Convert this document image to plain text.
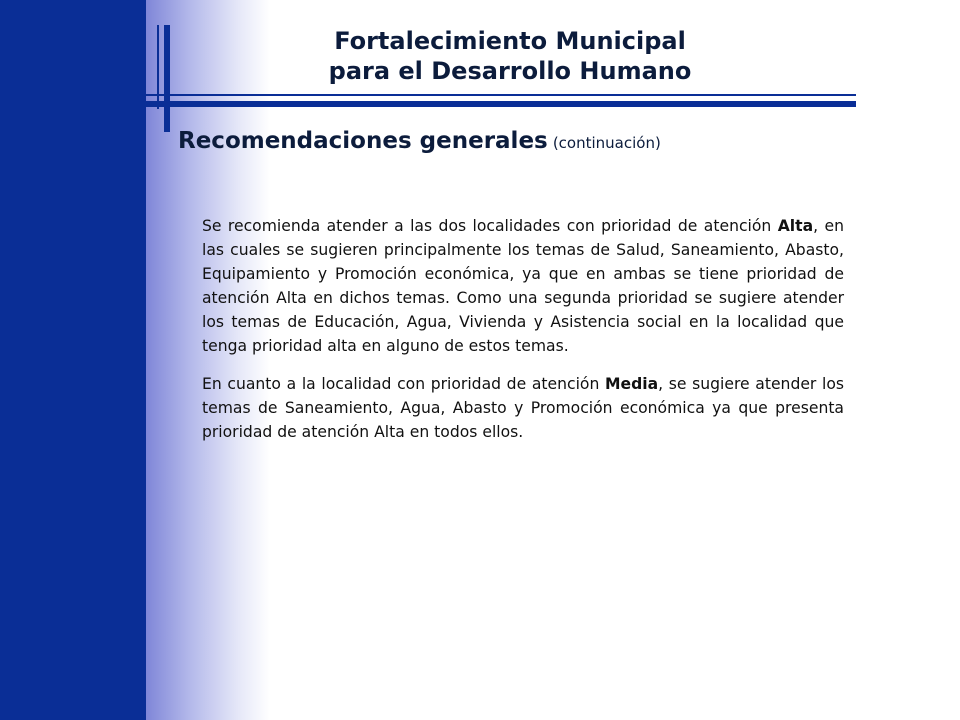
Fortalecimiento Municipal
para el Desarrollo Humano
Recomendaciones generales (continuación)

Se recomienda atender a las dos localidades con prioridad de atención Alta, en las cuales se sugieren principalmente los temas de Salud, Saneamiento, Abasto, Equipamiento y Promoción económica, ya que en ambas se tiene prioridad de atención Alta en dichos temas. Como una segunda prioridad se sugiere atender los temas de Educación, Agua, Vivienda y Asistencia social en la localidad que tenga prioridad alta en alguno de estos temas.

En cuanto a la localidad con prioridad de atención Media, se sugiere atender los temas de Saneamiento, Agua, Abasto y Promoción económica ya que presenta prioridad de atención Alta en todos ellos.
